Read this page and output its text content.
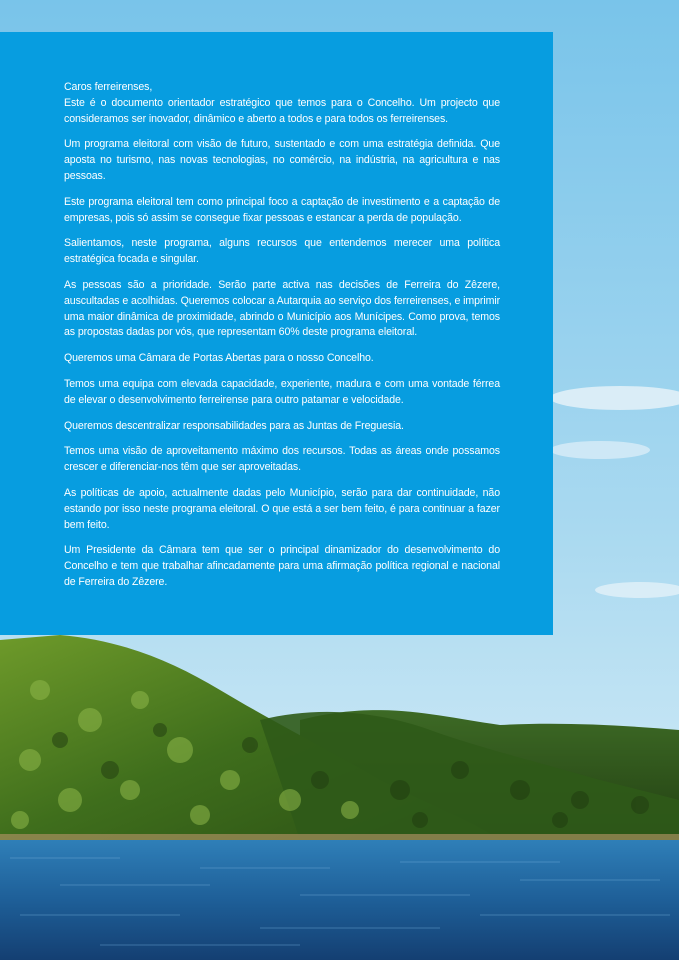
Caros ferreirenses,
Este é o documento orientador estratégico que temos para o Concelho. Um projecto que consideramos ser inovador, dinâmico e aberto a todos e para todos os ferreirenses.

Um programa eleitoral com visão de futuro, sustentado e com uma estratégia definida. Que aposta no turismo, nas novas tecnologias, no comércio, na indústria, na agricultura e nas pessoas.

Este programa eleitoral tem como principal foco a captação de investimento e a captação de empresas, pois só assim se consegue fixar pessoas e estancar a perda de população.

Salientamos, neste programa, alguns recursos que entendemos merecer uma política estratégica focada e singular.

As pessoas são a prioridade. Serão parte activa nas decisões de Ferreira do Zêzere, auscultadas e acolhidas. Queremos colocar a Autarquia ao serviço dos ferreirenses, e imprimir uma maior dinâmica de proximidade, abrindo o Município aos Munícipes. Como prova, temos as propostas dadas por vós, que representam 60% deste programa eleitoral.

Queremos uma Câmara de Portas Abertas para o nosso Concelho.

Temos uma equipa com elevada capacidade, experiente, madura e com uma vontade férrea de elevar o desenvolvimento ferreirense para outro patamar e velocidade.

Queremos descentralizar responsabilidades para as Juntas de Freguesia.

Temos uma visão de aproveitamento máximo dos recursos. Todas as áreas onde possamos crescer e diferenciar-nos têm que ser aproveitadas.

As políticas de apoio, actualmente dadas pelo Município, serão para dar continuidade, não estando por isso neste programa eleitoral. O que está a ser bem feito, é para continuar a fazer bem feito.

Um Presidente da Câmara tem que ser o principal dinamizador do desenvolvimento do Concelho e tem que trabalhar afincadamente para uma afirmação política regional e nacional de Ferreira do Zêzere.
